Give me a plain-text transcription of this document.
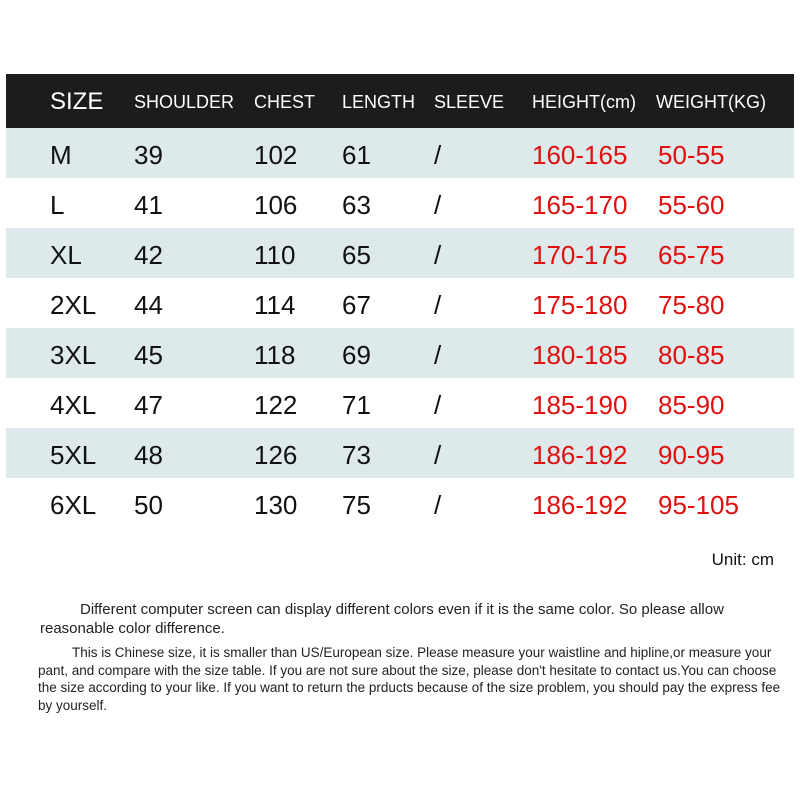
SIZE SHOULDER CHEST LENGTH SLEEVE HEIGHT(cm) WEIGHT(KG)
M 39	102 61 /	160-165 50-55
L	41	106 63 /	165-170 55-60
XL 42	110 65 /	170-175 65-75
2XL 44	114 67 /	175-180 75-80
3XL 45	118 69 /	180-185 80-85
4XL 47	122 71 /	185-190 85-90
5XL 48	126 73 /	186-192 90-95
6XL 50	130 75 /	186-192 95-105
Unit: cm
Different computer screen can display different colors even if it is the same color. So please allow reasonable color difference.
This is Chinese size, it is smaller than US/European size. Please measure your waistline and hipline,or measure your pant, and compare with the size table. If you are not sure about the size, please don't hesitate to contact us.You can choose the size according to your like. If you want to return the prducts because of the size problem, you should pay the express fee by yourself.
